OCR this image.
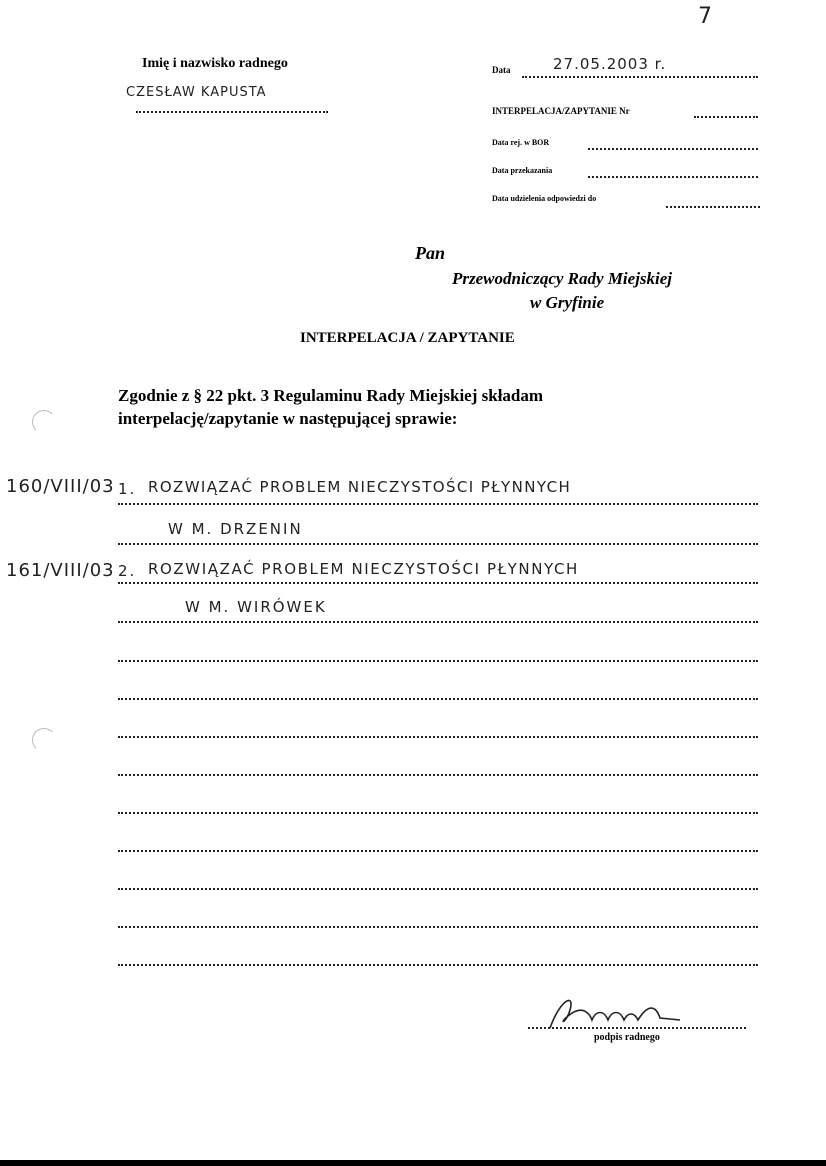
7
Imię i nazwisko radnego
CZESŁAW KAPUSTA
Data	27.05.2003 r.
INTERPELACJA/ZAPYTANIE Nr
Data rej. w BOR
Data przekazania
Data udzielenia odpowiedzi do
Pan
Przewodniczący Rady Miejskiej
w Gryfinie
INTERPELACJA / ZAPYTANIE
Zgodnie z § 22 pkt. 3 Regulaminu Rady Miejskiej składam
interpelację/zapytanie w następującej sprawie:
160/VIII/03 1. ROZWIĄZAĆ PROBLEM NIECZYSTOŚCI PŁYNNYCH
W M. DRZENIN
161/VIII/03 2. ROZWIĄZAĆ PROBLEM NIECZYSTOŚCI PŁYNNYCH
W M. WIRÓWEK
podpis radnego
